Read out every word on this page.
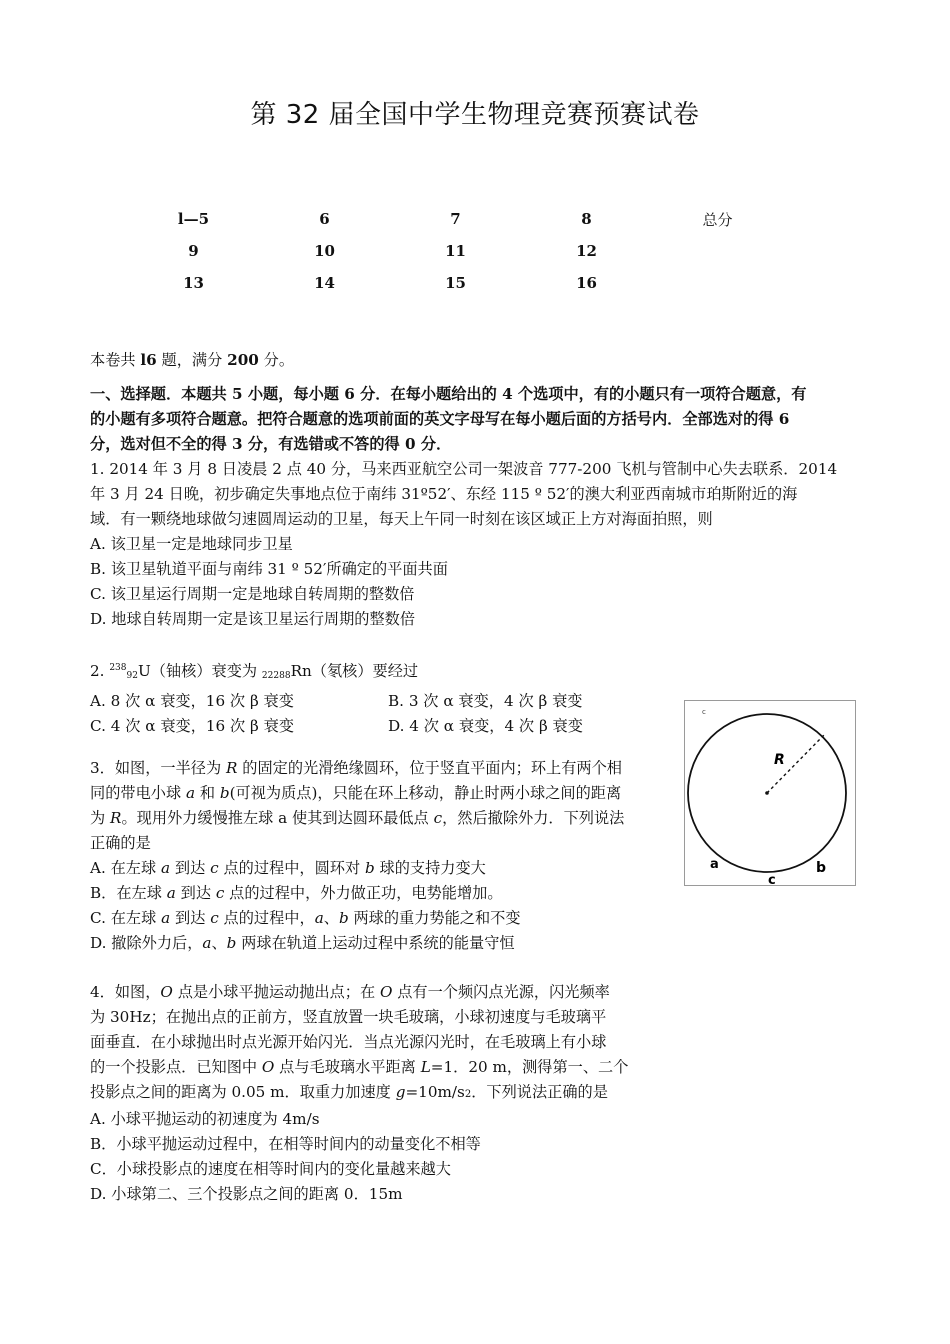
第 32 届全国中学生物理竞赛预赛试卷
l—5	6	7	8	总分
9	10	11	12	
13	14	15	16	
本卷共 l6 题，满分 200 分。
一、选择题．本题共 5 小题，每小题 6 分．在每小题给出的 4 个选项中，有的小题只有一项符合题意，有
的小题有多项符合题意。把符合题意的选项前面的英文字母写在每小题后面的方括号内．全部选对的得 6
分，选对但不全的得 3 分，有选错或不答的得 0 分．
1. 2014 年 3 月 8 日凌晨 2 点 40 分，马来西亚航空公司一架波音 777-200 飞机与管制中心失去联系．2014
年 3 月 24 日晚，初步确定失事地点位于南纬 31º52′、东经 115 º 52′的澳大利亚西南城市珀斯附近的海
域．有一颗绕地球做匀速圆周运动的卫星，每天上午同一时刻在该区域正上方对海面拍照，则
A. 该卫星一定是地球同步卫星
B. 该卫星轨道平面与南纬 31 º 52′所确定的平面共面
C. 该卫星运行周期一定是地球自转周期的整数倍
D. 地球自转周期一定是该卫星运行周期的整数倍
2. $^{238}$92U（铀核）衰变为 22288Rn（氡核）要经过
A. 8 次 α 衰变，16 次 β 衰变	B. 3 次 α 衰变，4 次 β 衰变
C. 4 次 α 衰变，16 次 β 衰变	D. 4 次 α 衰变，4 次 β 衰变
3．如图，一半径为 R 的固定的光滑绝缘圆环，位于竖直平面内；环上有两个相
同的带电小球 a 和 b(可视为质点)，只能在环上移动，静止时两小球之间的距离
为 R。现用外力缓慢推左球 a 使其到达圆环最低点 c，然后撤除外力．下列说法
正确的是
A. 在左球 a 到达 c 点的过程中，圆环对 b 球的支持力变大
B．在左球 a 到达 c 点的过程中，外力做正功，电势能增加。
C. 在左球 a 到达 c 点的过程中，a、b 两球的重力势能之和不变
D. 撤除外力后，a、b 两球在轨道上运动过程中系统的能量守恒
R
a	b
c
c
4．如图，O 点是小球平抛运动抛出点；在 O 点有一个频闪点光源，闪光频率
为 30Hz；在抛出点的正前方，竖直放置一块毛玻璃，小球初速度与毛玻璃平
面垂直．在小球抛出时点光源开始闪光．当点光源闪光时，在毛玻璃上有小球
的一个投影点．已知图中 O 点与毛玻璃水平距离 L=1．20 m，测得第一、二个
投影点之间的距离为 0.05 m．取重力加速度 g=10m/s2．下列说法正确的是
A. 小球平抛运动的初速度为 4m/s
B．小球平抛运动过程中，在相等时间内的动量变化不相等
C．小球投影点的速度在相等时间内的变化量越来越大
D. 小球第二、三个投影点之间的距离 0．15m
